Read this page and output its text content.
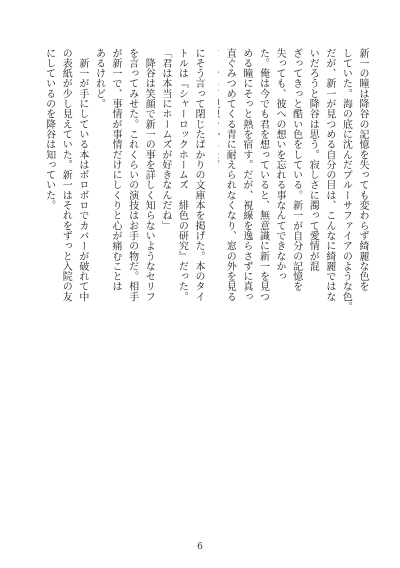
新一の瞳は降谷の記憶を失っても変わらず綺麗な色を
していた。海の底に沈んだブルーサファイアのような色。
だが、新一が見つめる自分の目は、こんなに綺麗ではな
いだろうと降谷は思う。寂しさに濁って愛情が混
ざってきっと酷い色をしている。新一が自分の記憶を
失っても、彼への想いを忘れる事なんてできなかっ
た。俺は今でも君を想っていると、無意識に新一を見つ
める瞳にそっと熱を宿す。だが、視線を逸らさずに真っ
直ぐみつめてくる青に耐えられなくなり、窓の外を見る
にそう言って閉じたばかりの文庫本を掲げた。本のタイ
トルは『シャーロックホームズ　緋色の研究』だった。
「君は本当にホームズが好きなんだね」
　降谷は笑顔で新一の事を詳しく知らないようなセリフ
を言ってみせた。これくらいの演技はお手の物だ。相手
が新一で、事情が事情だけにしくりと心が痛むことは
あるけれど。
　新一が手にしている本はボロボロでカバーが破れて中
の表紙が少し見えていた。新一はそれをずっと入院の友
にしているのを降谷は知っていた。
6
